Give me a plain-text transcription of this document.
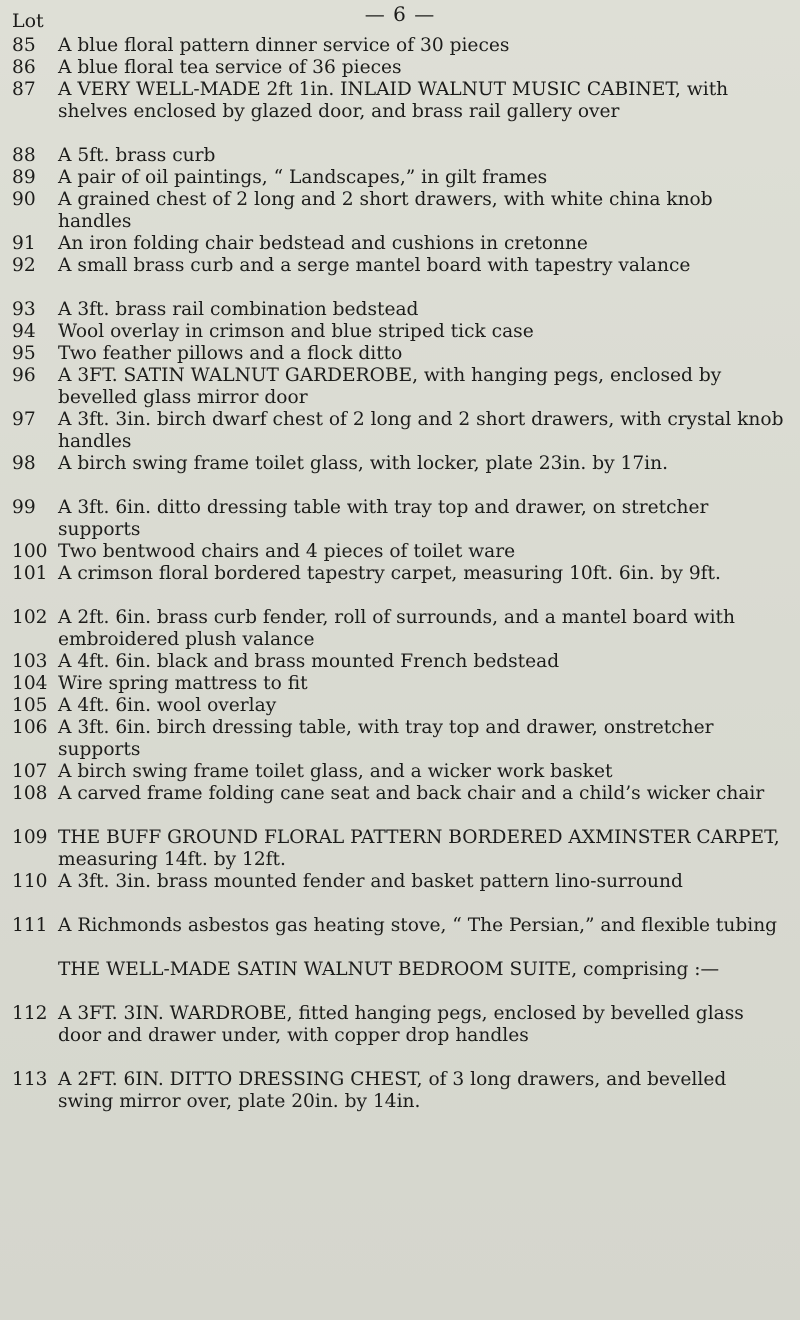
— 6 —
Lot
85	A blue floral pattern dinner service of 30 pieces
86	A blue floral tea service of 36 pieces
87	A VERY WELL-MADE 2ft 1in. INLAID WALNUT MUSIC CABINET, with shelves enclosed by glazed door, and brass rail gallery over
88	A 5ft. brass curb
89	A pair of oil paintings, “ Landscapes,” in gilt frames
90	A grained chest of 2 long and 2 short drawers, with white china knob handles
91	An iron folding chair bedstead and cushions in cretonne
92	A small brass curb and a serge mantel board with tapestry valance
93	A 3ft. brass rail combination bedstead
94	Wool overlay in crimson and blue striped tick case
95	Two feather pillows and a flock ditto
96	A 3FT. SATIN WALNUT GARDEROBE, with hanging pegs, enclosed by bevelled glass mirror door
97	A 3ft. 3in. birch dwarf chest of 2 long and 2 short drawers, with crystal knob handles
98	A birch swing frame toilet glass, with locker, plate 23in. by 17in.
99	A 3ft. 6in. ditto dressing table with tray top and drawer, on stretcher supports
100 Two bentwood chairs and 4 pieces of toilet ware
101 A crimson floral bordered tapestry carpet, measuring 10ft. 6in. by 9ft.
102 A 2ft. 6in. brass curb fender, roll of surrounds, and a mantel board with embroidered plush valance
103 A 4ft. 6in. black and brass mounted French bedstead
104 Wire spring mattress to fit
105 A 4ft. 6in. wool overlay
106 A 3ft. 6in. birch dressing table, with tray top and drawer, onstretcher supports
107 A birch swing frame toilet glass, and a wicker work basket
108 A carved frame folding cane seat and back chair and a child’s wicker chair
109 THE BUFF GROUND FLORAL PATTERN BORDERED AXMINSTER CARPET, measuring 14ft. by 12ft.
110 A 3ft. 3in. brass mounted fender and basket pattern lino-surround
111 A Richmonds asbestos gas heating stove, “ The Persian,” and flexible tubing
THE WELL-MADE SATIN WALNUT BEDROOM SUITE, comprising :—
112 A 3FT. 3IN. WARDROBE, fitted hanging pegs, enclosed by bevelled glass door and drawer under, with copper drop handles
113 A 2FT. 6IN. DITTO DRESSING CHEST, of 3 long drawers, and bevelled swing mirror over, plate 20in. by 14in.
